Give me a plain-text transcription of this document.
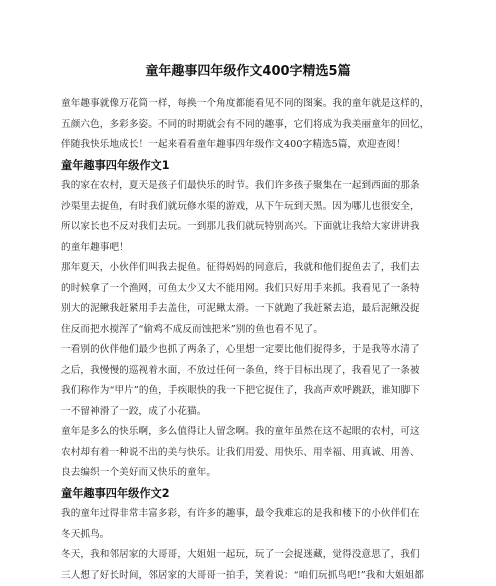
童年趣事四年级作文400字精选5篇

童年趣事就像万花筒一样，每换一个角度都能看见不同的图案。我的童年就是这样的，

五颜六色，多彩多姿。不同的时期就会有不同的趣事，它们将成为我美丽童年的回忆，

伴随我快乐地成长！一起来看看童年趣事四年级作文400字精选5篇，欢迎查阅！

童年趣事四年级作文1

我的家在农村，夏天是孩子们最快乐的时节。我们许多孩子聚集在一起到西面的那条

沙渠里去捉鱼，有时我们就玩修水渠的游戏，从下午玩到天黑。因为哪儿也很安全，

所以家长也不反对我们去玩。一到那儿我们就玩特别高兴。下面就让我给大家讲讲我

的童年趣事吧！

那年夏天，小伙伴们叫我去捉鱼。征得妈妈的同意后，我就和他们捉鱼去了，我们去

的时候拿了一个渔网，可鱼太少又大不能用网。我们只好用手来抓。我看见了一条特

别大的泥鳅我赶紧用手去盖住，可泥鳅太滑。一下就跑了我赶紧去追，最后泥鳅没捉

住反而把水搅浑了“偷鸡不成反而蚀把米”别的鱼也看不见了。

一看别的伙伴他们最少也抓了两条了，心里想一定要比他们捉得多，于是我等水清了

之后，我慢慢的巡视着水面，不放过任何一条鱼，终于目标出现了，我看见了一条被

我们称作为“甲片”的鱼，手疾眼快的我一下把它捉住了，我高声欢呼跳跃，谁知脚下

一不留神滑了一跤，成了小花猫。

童年是多么的快乐啊，多么值得让人留念啊。我的童年虽然在这不起眼的农村，可这

农村却有着一种说不出的美与快乐。让我们用爱、用快乐、用幸福、用真诚、用善、

良去编织一个美好而又快乐的童年。

童年趣事四年级作文2

我的童年过得非常丰富多彩，有许多的趣事，最令我难忘的是我和楼下的小伙伴们在

冬天抓鸟。

冬天，我和邻居家的大哥哥，大姐姐一起玩，玩了一会捉迷藏，觉得没意思了，我们

三人想了好长时间，邻居家的大哥哥一拍手，笑着说：“咱们玩抓鸟吧!”我和大姐姐都
